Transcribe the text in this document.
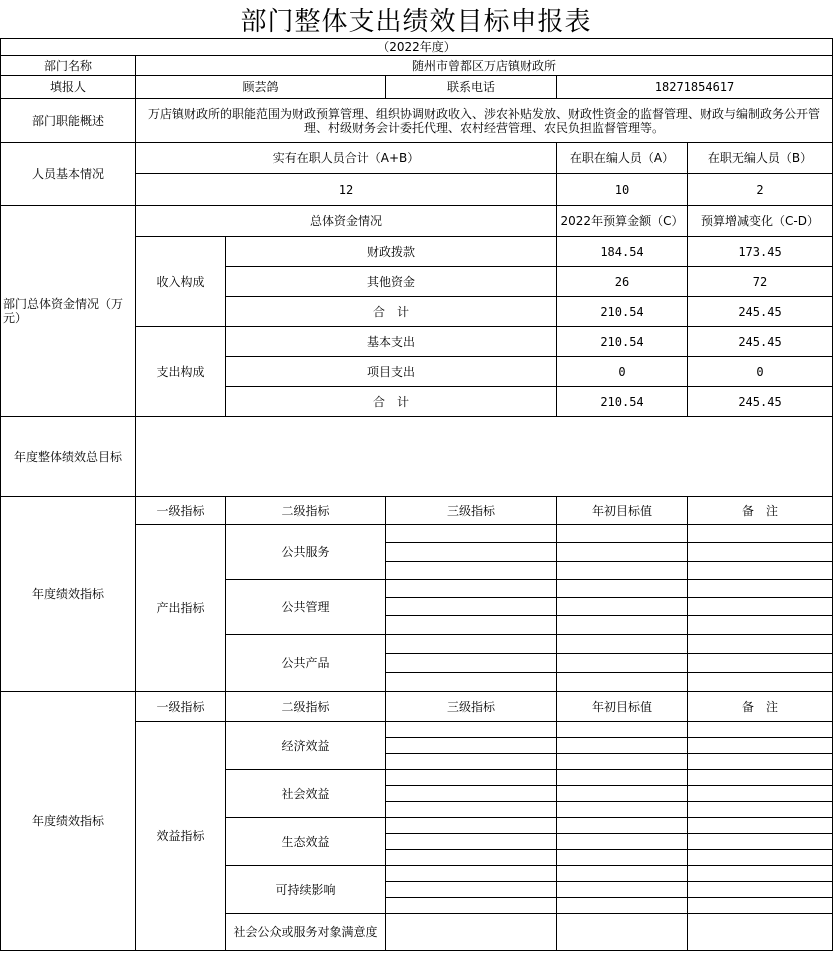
部门整体支出绩效目标申报表
（2022年度）						
部门名称	随州市曾都区万店镇财政所					
填报人	顾芸鸽		联系电话	18271854617		
部门职能概述	万店镇财政所的职能范围为财政预算管理、组织协调财政收入、涉农补贴发放、财政性资金的监督管理、财政与编制政务公开管理、村级财务会计委托代理、农村经营管理、农民负担监督管理等。					
人员基本情况	实有在职人员合计（A+B）			在职在编人员（A）	在职无编人员（B）	
	12			10	2	
部门总体资金情况（万元）	总体资金情况			2022年预算金额（C）	预算增减变化（C-D）	
	收入构成	财政拨款		184.54	173.45	
		其他资金		26	72	
		合　计		210.54	245.45	
	支出构成	基本支出		210.54	245.45	
		项目支出		0	0	
		合　计		210.54	245.45	
年度整体绩效总目标						
年度绩效指标	一级指标	二级指标	三级指标	年初目标值	备　注	
	产出指标	公共服务				

		公共管理				

		公共产品				

年度绩效指标	一级指标	二级指标	三级指标	年初目标值	备　注	
	效益指标	经济效益				

		社会效益				

		生态效益				

		可持续影响				

		社会公众或服务对象满意度				
